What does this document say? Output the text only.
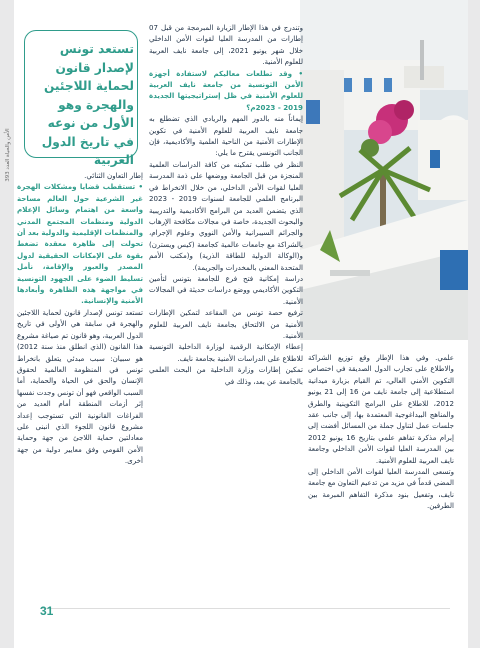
الأمن والحياة العدد 393
تستعد تونس لإصدار قانون لحماية اللاجئين والهجرة وهو الأول من نوعه في تاريخ الدول العربية

وتندرج في هذا الإطار الزيارة المبرمجة من قبل 07 إطارات من المدرسة العليا لقوات الأمن الداخلي خلال شهر يونيو 2021، إلى جامعة نايف العربية للعلوم الأمنية.

• وقد تطلعات معاليكم لاستفادة أجهزة الأمن التونسية من جامعة نايف العربية للعلوم الأمنية في ظل إستراتيجيتها الجديدة 2019 - 2023م؟

إيماناً منه بالدور المهم والريادي الذي تضطلع به جامعة نايف العربية للعلوم الأمنية في تكوين الإطارات الأمنية من الناحية العلمية والأكاديمية، فإن الجانب التونسي يقترح ما يلي:

النظر في طلب تمكينه من كافة الدراسات العلمية المنجزة من قبل الجامعة ووضعها على ذمة المدرسة العليا لقوات الأمن الداخلي، من خلال الانخراط في البرنامج العلمي للجامعة لسنوات 2019 - 2023 الذي يتضمن العديد من البرامج الأكاديمية والتدريبية والبحوث الجديدة، خاصة في مجالات مكافحة الإرهاب والجرائم السيبرانية والأمن النووي وعلوم الإجرام، بالشراكة مع جامعات عالمية كجامعة (كيس ويسترن) و(الوكالة الدولية للطاقة الذرية) و(مكتب الأمم المتحدة المعني بالمخدرات والجريمة).

دراسة إمكانية فتح فرع للجامعة بتونس لتأمين التكوين الأكاديمي ووضع دراسات حديثة في المجالات الأمنية.

ترفيع حصة تونس من المقاعد لتمكين الإطارات الأمنية من الالتحاق بجامعة نايف العربية للعلوم الأمنية.

إعطاء الإمكانية الرقمية لوزارة الداخلية التونسية للاطلاع على الدراسات الأمنية بجامعة نايف.

تمكين إطارات وزارة الداخلية من البحث العلمي بالجامعة عن بعد، وذلك في

علمي. وفي هذا الإطار وقع توزيع الشراكة والاطلاع على تجارب الدول الصديقة في اختصاص التكوين الأمني العالي، تم القيام بزيارة ميدانية استطلاعية إلى جامعة نايف من 16 إلى 21 يونيو 2012، للاطلاع على البرامج التكوينية والطرق والمناهج البيداغوجية المعتمدة بها، إلى جانب عقد جلسات عمل لتناول جملة من المسائل أفضت إلى إبرام مذكرة تفاهم علمي بتاريخ 16 يونيو 2012 بين المدرسة العليا لقوات الأمن الداخلي وجامعة نايف العربية للعلوم الأمنية.

وتسعى المدرسة العليا لقوات الأمن الداخلي إلى المضي قدماً في مزيد من تدعيم التعاون مع جامعة نايف، وتفعيل بنود مذكرة التفاهم المبرمة بين الطرفين.

إطار التعاون الثنائي.

• تستقطب قضايا ومشكلات الهجرة غير الشرعية حول العالم مساحة واسعة من اهتمام وسائل الإعلام الدولية ومنظمات المجتمع المدني والمنظمات الإقليمية والدولية بعد أن تحولت إلى ظاهرة معقدة تضغط بقوة على الإمكانات الحقيقية لدول المصدر والعبور والإقامة، نأمل تسليط الضوء على الجهود التونسية في مواجهة هذه الظاهرة وأبعادها الأمنية والإنسانية.

تستعد تونس لإصدار قانون لحماية اللاجئين والهجرة في سابقة هي الأولى في تاريخ الدول العربية، وهو قانون تم صياغة مشروع هذا القانون (الذي انطلق منذ سنة 2012) هو سبيان: سبب مبدئي يتعلق بانخراط تونس في المنظومة العالمية لحقوق الإنسان والحق في الحياة والحماية، أما السبب الواقعي فهو أن تونس وجدت نفسها إثر أزمات المنطقة أمام العديد من الفراغات القانونية التي تستوجب إعداد مشروع قانون اللجوء الذي انبنى على معادلتين حماية اللاجئ من جهة وحماية الأمن القومي وفق معايير دولية من جهة أخرى.

31
